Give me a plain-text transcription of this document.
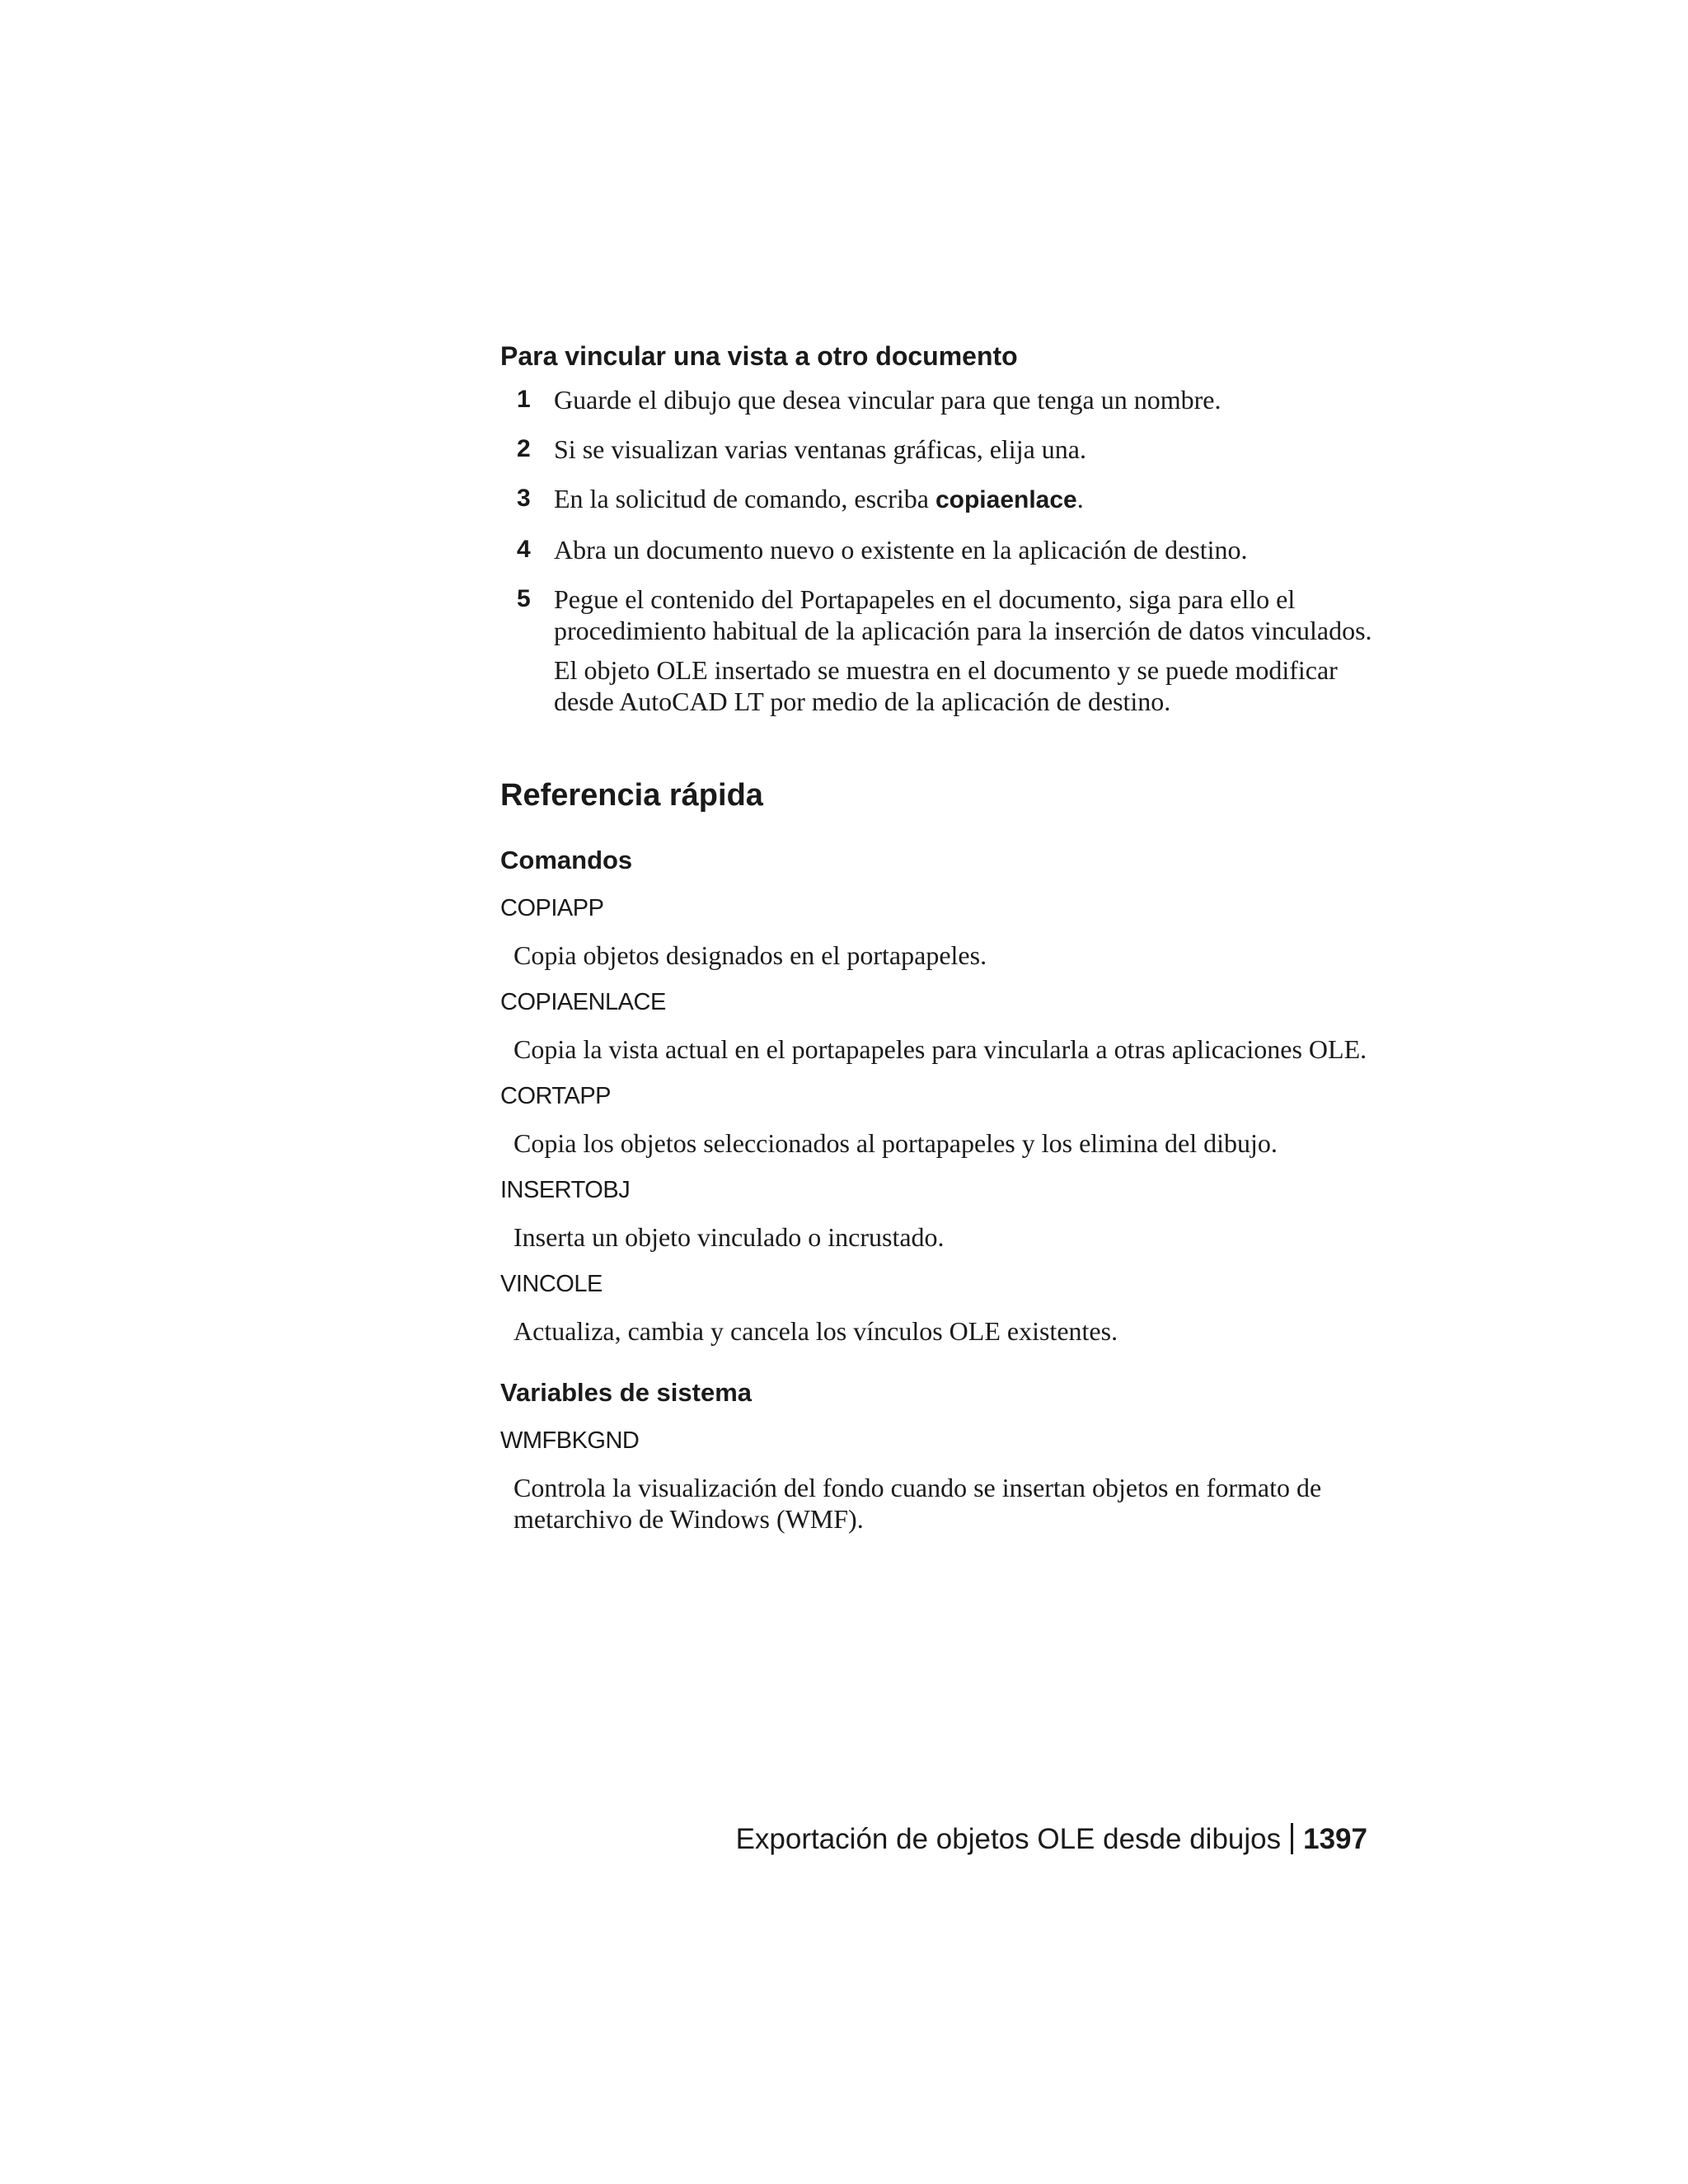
Para vincular una vista a otro documento
1 Guarde el dibujo que desea vincular para que tenga un nombre.
2 Si se visualizan varias ventanas gráficas, elija una.
3 En la solicitud de comando, escriba copiaenlace.
4 Abra un documento nuevo o existente en la aplicación de destino.
5 Pegue el contenido del Portapapeles en el documento, siga para ello el procedimiento habitual de la aplicación para la inserción de datos vinculados.
El objeto OLE insertado se muestra en el documento y se puede modificar desde AutoCAD LT por medio de la aplicación de destino.
Referencia rápida
Comandos
COPIAPP
Copia objetos designados en el portapapeles.
COPIAENLACE
Copia la vista actual en el portapapeles para vincularla a otras aplicaciones OLE.
CORTAPP
Copia los objetos seleccionados al portapapeles y los elimina del dibujo.
INSERTOBJ
Inserta un objeto vinculado o incrustado.
VINCOLE
Actualiza, cambia y cancela los vínculos OLE existentes.
Variables de sistema
WMFBKGND
Controla la visualización del fondo cuando se insertan objetos en formato de metarchivo de Windows (WMF).
Exportación de objetos OLE desde dibujos 1397
